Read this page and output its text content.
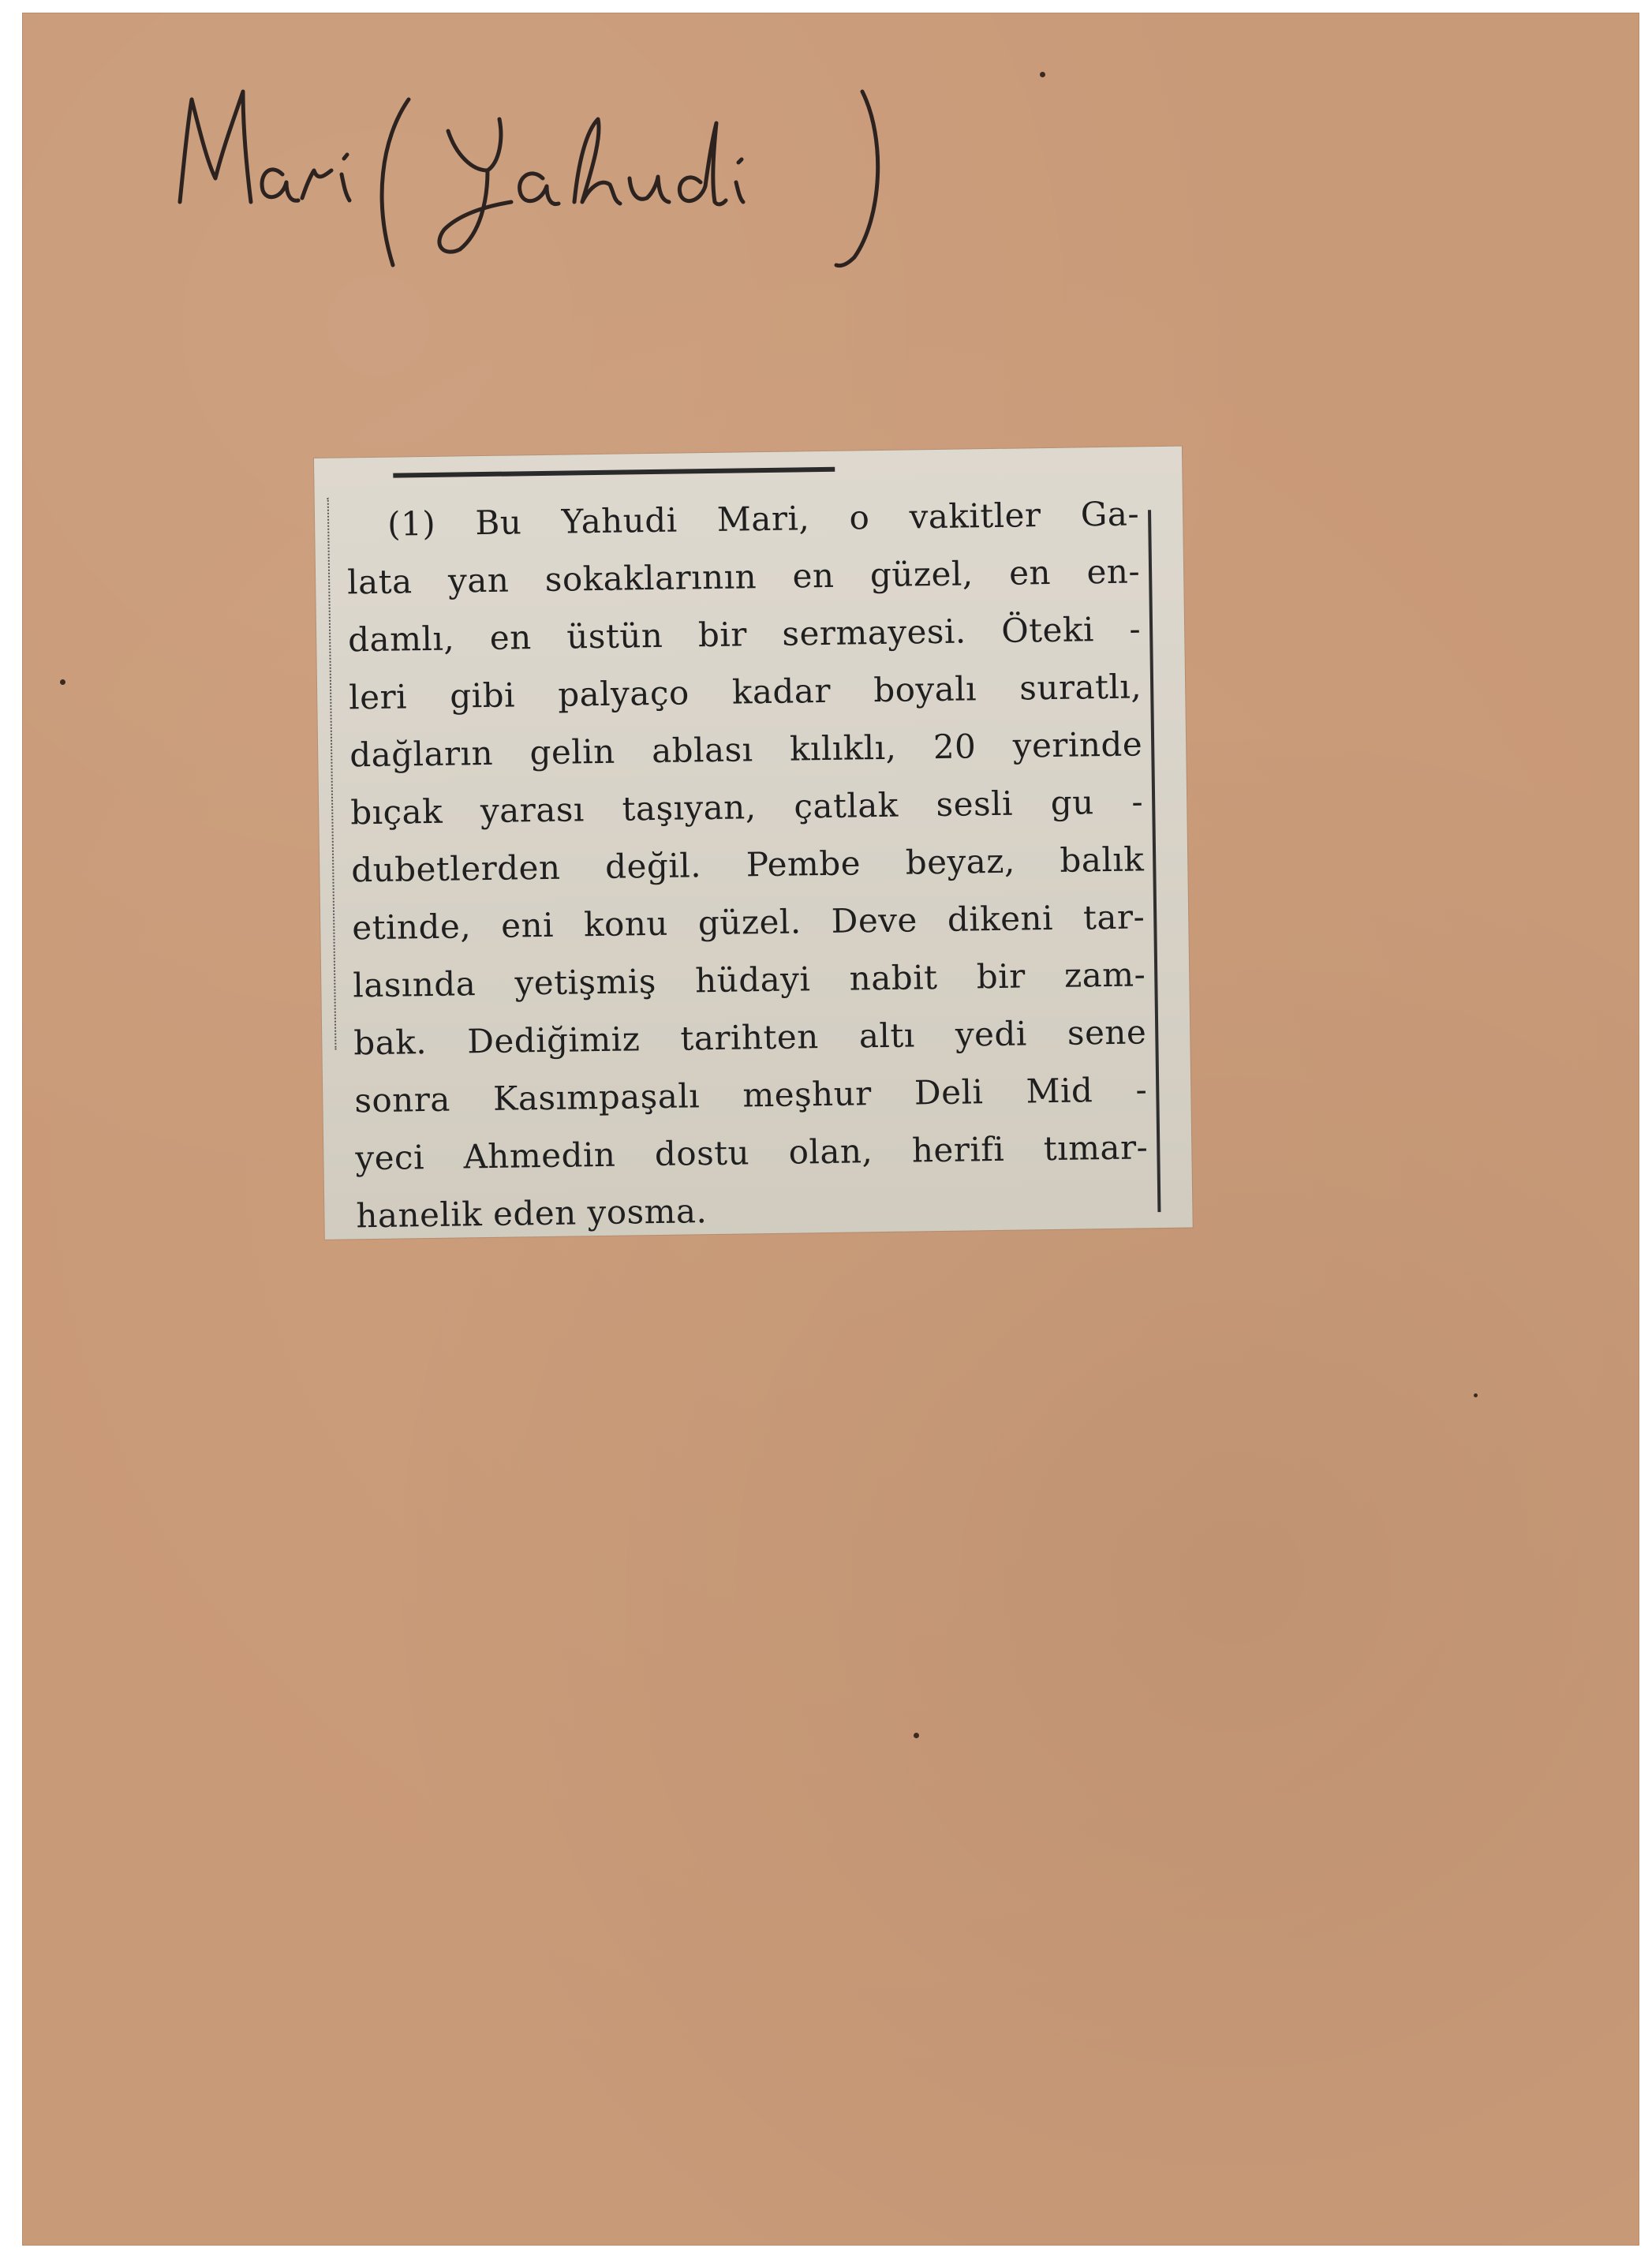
Mari (Yahudi)
(1) Bu Yahudi Mari, o vakitler Ga-
lata yan sokaklarının en güzel, en en-
damlı, en üstün bir sermayesi. Öteki -
leri gibi palyaço kadar boyalı suratlı,
dağların gelin ablası kılıklı, 20 yerinde
bıçak yarası taşıyan, çatlak sesli gu -
dubetlerden değil. Pembe beyaz, balık
etinde, eni konu güzel. Deve dikeni tar-
lasında yetişmiş hüdayi nabit bir zam-
bak. Dediğimiz tarihten altı yedi sene
sonra Kasımpaşalı meşhur Deli Mid -
yeci Ahmedin dostu olan, herifi tımar-
hanelik eden yosma.
